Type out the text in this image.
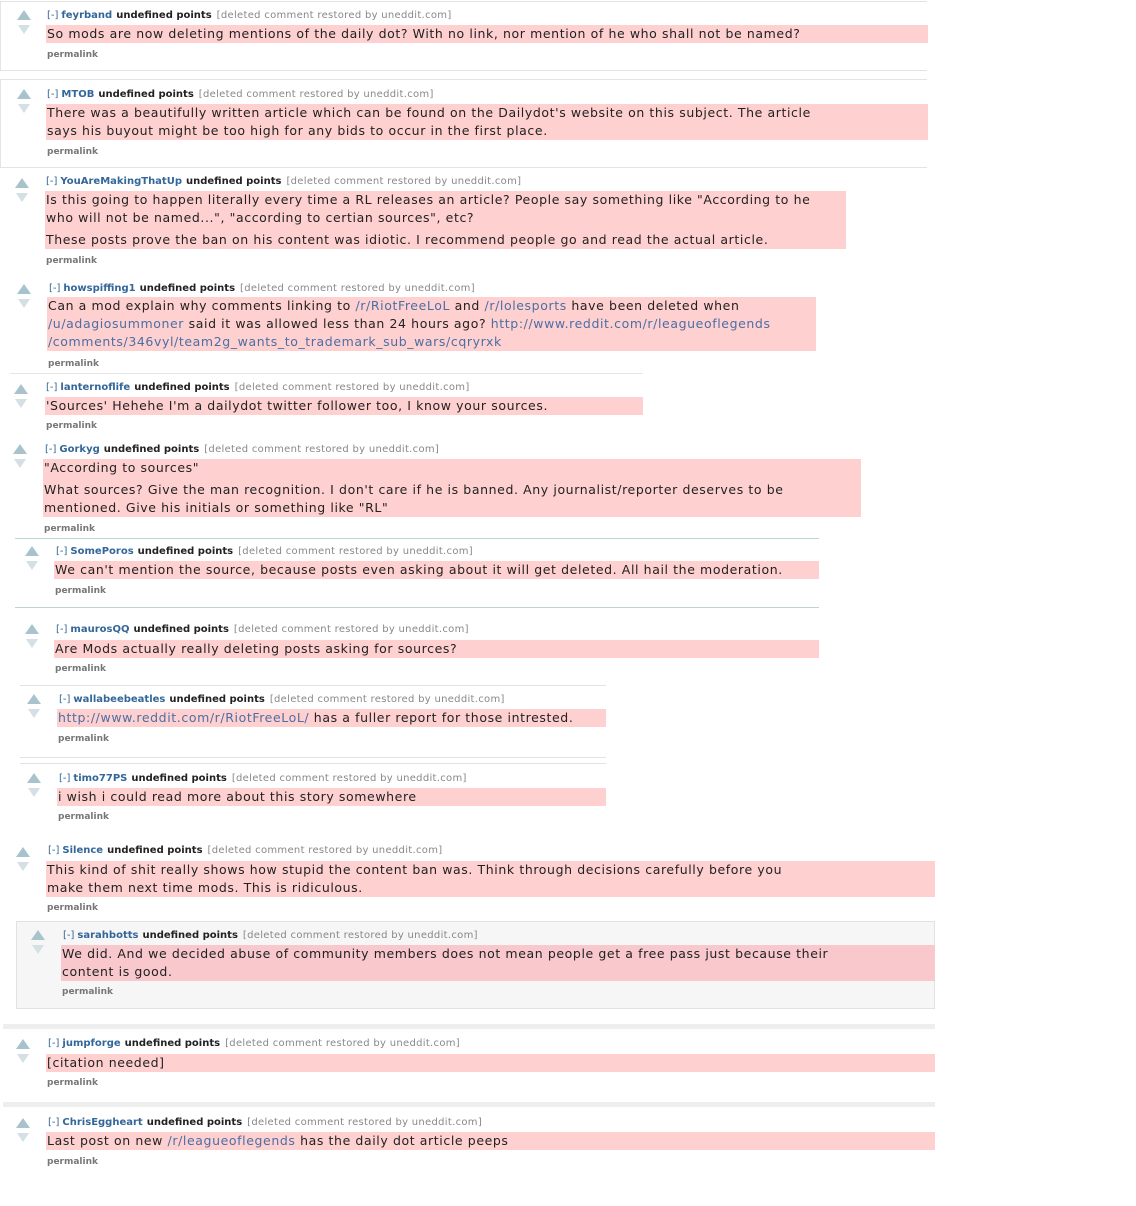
[-] feyrband undefined points [deleted comment restored by uneddit.com]

So mods are now deleting mentions of the daily dot? With no link, nor mention of he who shall not be named?

permalink
[-] MTOB undefined points [deleted comment restored by uneddit.com]

There was a beautifully written article which can be found on the Dailydot's website on this subject. The article

says his buyout might be too high for any bids to occur in the first place.

permalink
[-] YouAreMakingThatUp undefined points [deleted comment restored by uneddit.com]

Is this going to happen literally every time a RL releases an article? People say something like "According to he

who will not be named...", "according to certian sources", etc?

These posts prove the ban on his content was idiotic. I recommend people go and read the actual article.

permalink
[-] howspiffing1 undefined points [deleted comment restored by uneddit.com]

Can a mod explain why comments linking to /r/RiotFreeLoL and /r/lolesports have been deleted when

/u/adagiosummoner said it was allowed less than 24 hours ago? http://www.reddit.com/r/leagueoflegends

/comments/346vyl/team2g_wants_to_trademark_sub_wars/cqryrxk

permalink
[-] lanternoflife undefined points [deleted comment restored by uneddit.com]

'Sources' Hehehe I'm a dailydot twitter follower too, I know your sources.

permalink
[-] Gorkyg undefined points [deleted comment restored by uneddit.com]

"According to sources"

What sources? Give the man recognition. I don't care if he is banned. Any journalist/reporter deserves to be

mentioned. Give his initials or something like "RL"

permalink
[-] SomePoros undefined points [deleted comment restored by uneddit.com]

We can't mention the source, because posts even asking about it will get deleted. All hail the moderation.

permalink
[-] maurosQQ undefined points [deleted comment restored by uneddit.com]

Are Mods actually really deleting posts asking for sources?

permalink
[-] wallabeebeatles undefined points [deleted comment restored by uneddit.com]

http://www.reddit.com/r/RiotFreeLoL/ has a fuller report for those intrested.

permalink
[-] timo77PS undefined points [deleted comment restored by uneddit.com]

i wish i could read more about this story somewhere

permalink
[-] Silence undefined points [deleted comment restored by uneddit.com]

This kind of shit really shows how stupid the content ban was. Think through decisions carefully before you

make them next time mods. This is ridiculous.

permalink
[-] sarahbotts undefined points [deleted comment restored by uneddit.com]

We did. And we decided abuse of community members does not mean people get a free pass just because their

content is good.

permalink
[-] jumpforge undefined points [deleted comment restored by uneddit.com]

[citation needed]

permalink
[-] ChrisEggheart undefined points [deleted comment restored by uneddit.com]

Last post on new /r/leagueoflegends has the daily dot article peeps

permalink
